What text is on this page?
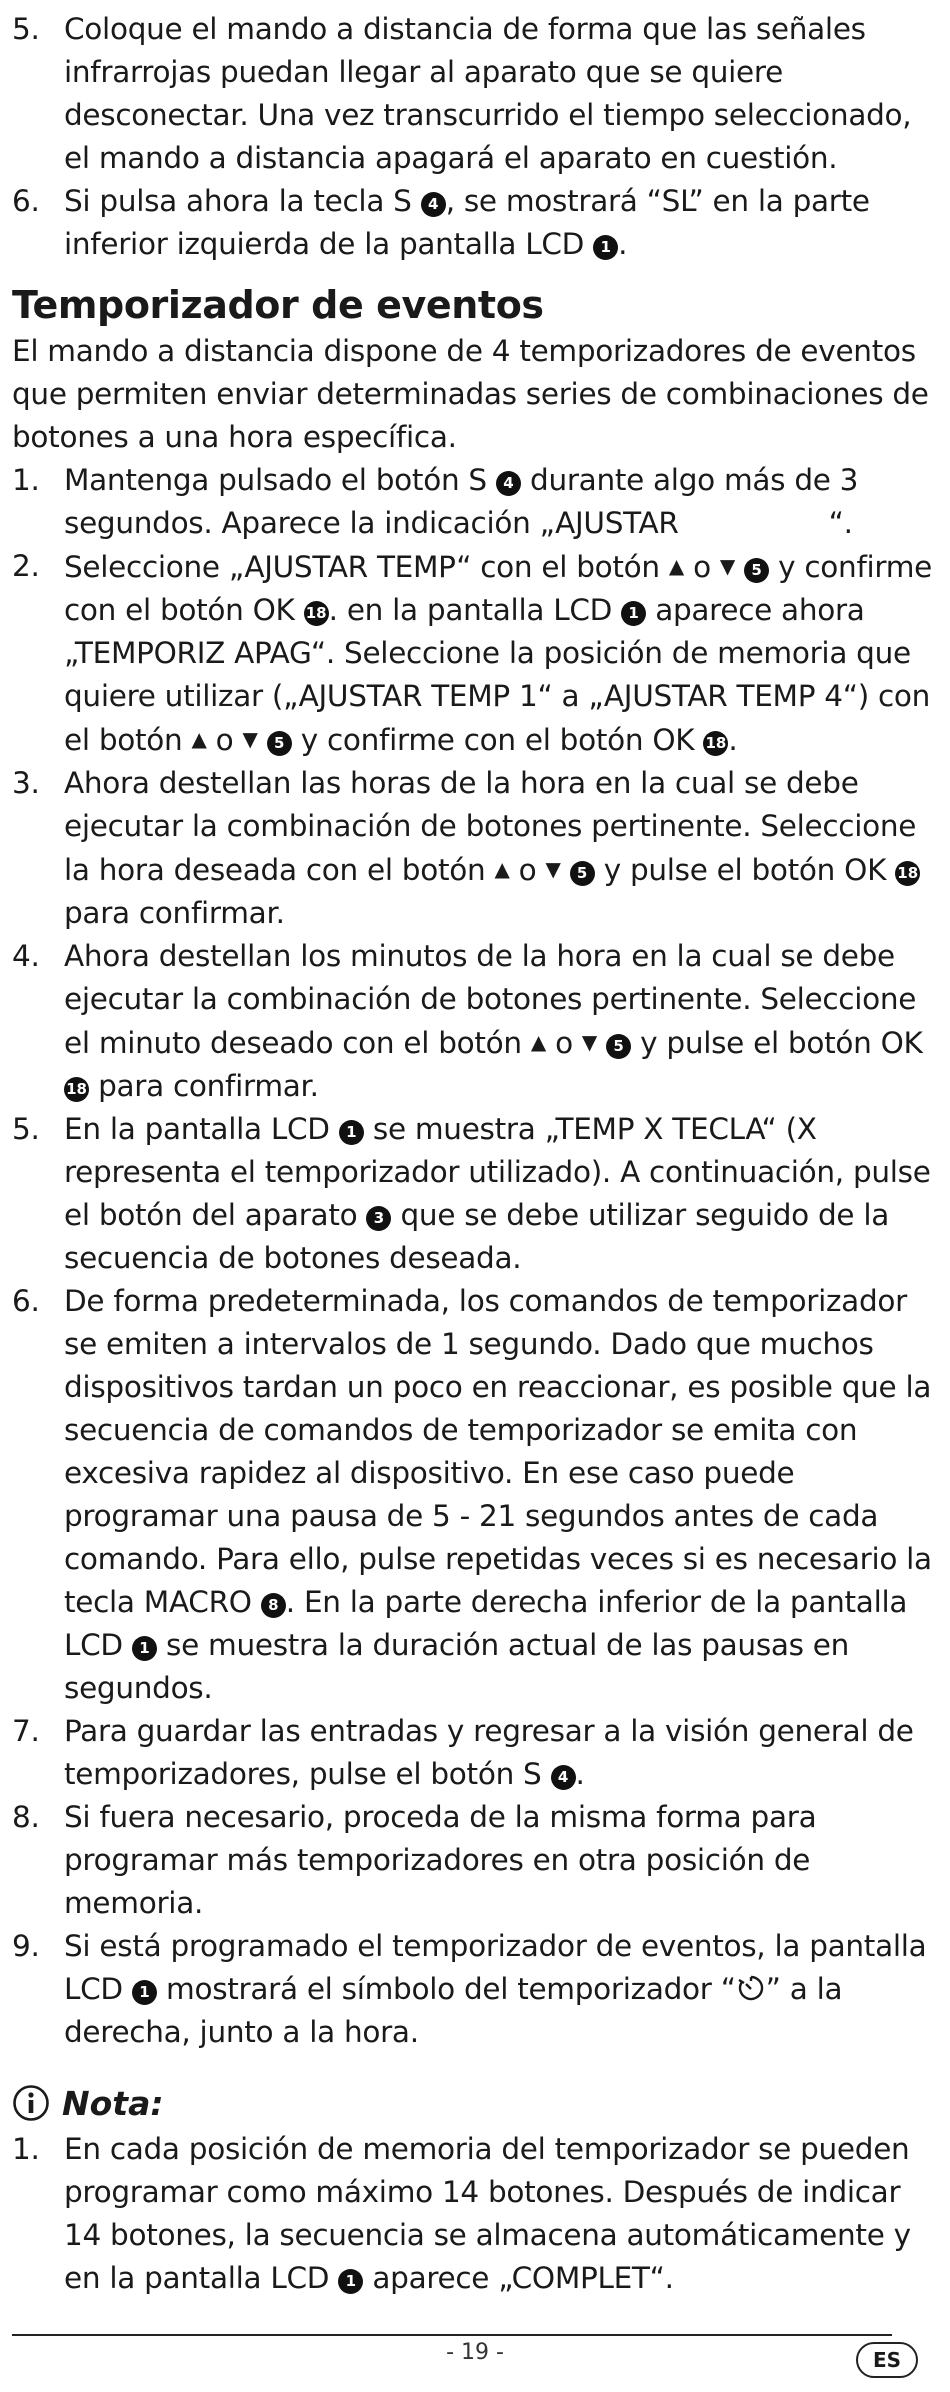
5. Coloque el mando a distancia de forma que las señales infrarrojas puedan llegar al aparato que se quiere desconectar. Una vez transcurrido el tiempo seleccionado, el mando a distancia apagará el aparato en cuestión.
6. Si pulsa ahora la tecla S 4 , se mostrará “SL” en la parte inferior izquierda de la pantalla LCD 1 .
Temporizador de eventos

El mando a distancia dispone de 4 temporizadores de eventos que permiten enviar determinadas series de combinaciones de botones a una hora específica.

1. Mantenga pulsado el botón S 4 durante algo más de 3 segundos. Aparece la indicación „AJUSTAR	“.
2. Seleccione „AJUSTAR TEMP“ con el botón ▲ o ▼ 5 y confirme con el botón OK 18. en la pantalla LCD 1 aparece ahora „TEMPORIZ APAG“. Seleccione la posición de memoria que quiere utilizar („AJUSTAR TEMP 1“ a „AJUSTAR TEMP 4“) con el botón ▲ o ▼ 5 y confirme con el botón OK 18.
3. Ahora destellan las horas de la hora en la cual se debe ejecutar la combinación de botones pertinente. Seleccione la hora deseada con el botón ▲ o ▼ 5 y pulse el botón OK 18 para confirmar.
4. Ahora destellan los minutos de la hora en la cual se debe ejecutar la combinación de botones pertinente. Seleccione el minuto deseado con el botón ▲ o ▼ 5 y pulse el botón OK 18 para confirmar.
5. En la pantalla LCD 1 se muestra „TEMP X TECLA“ (X representa el temporizador utilizado). A continuación, pulse el botón del aparato 3 que se debe utilizar seguido de la secuencia de botones deseada.
6. De forma predeterminada, los comandos de temporizador se emiten a intervalos de 1 segundo. Dado que muchos dispositivos tardan un poco en reaccionar, es posible que la secuencia de comandos de temporizador se emita con excesiva rapidez al dispositivo. En ese caso puede programar una pausa de 5 - 21 segundos antes de cada comando. Para ello, pulse repetidas veces si es necesario la tecla MACRO 8 . En la parte derecha inferior de la pantalla LCD 1 se muestra la duración actual de las pausas en segundos.
7. Para guardar las entradas y regresar a la visión general de temporizadores, pulse el botón S 4 .
8. Si fuera necesario, proceda de la misma forma para programar más temporizadores en otra posición de memoria.
9. Si está programado el temporizador de eventos, la pantalla LCD 1 mostrará el símbolo del temporizador “ ” a la derecha, junto a la hora.
Nota:
1. En cada posición de memoria del temporizador se pueden programar como máximo 14 botones. Después de indicar 14 botones, la secuencia se almacena automáticamente y en la pantalla LCD 1 aparece „COMPLET“.
- 19 -	ES
